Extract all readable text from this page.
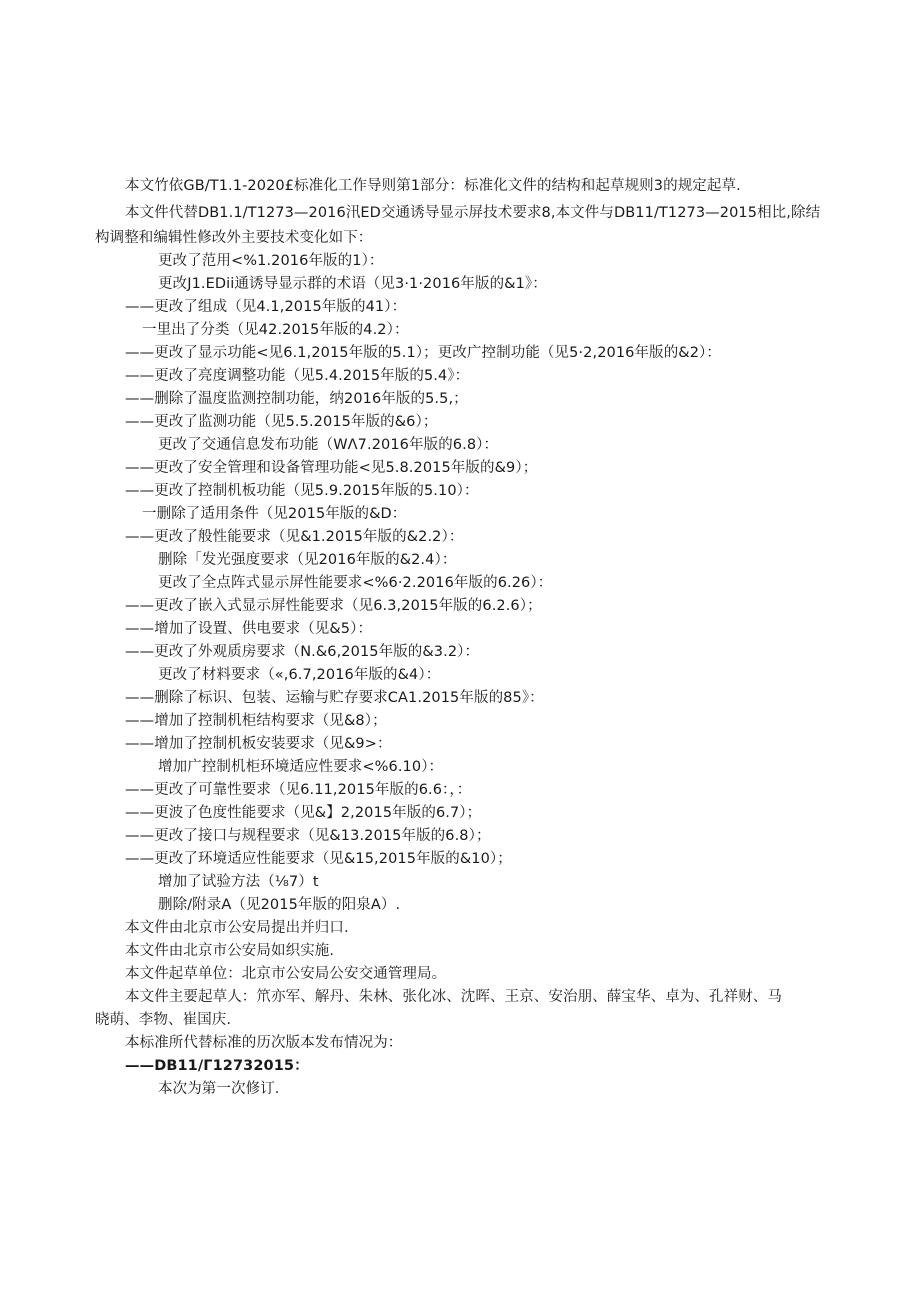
本文竹依GB/T1.1-2020£标准化工作导则第1部分：标准化文件的结构和起草规则3的规定起草.
本文件代替DB1.1/T1273—2016汛ED交通诱导显示屏技术要求8,本文件与DB11/T1273—2015相比,除结
构调整和编辑性修改外主要技术变化如下：
更改了范用<%1.2016年版的1）：
更改J1.EDii通诱导显示群的术语（见3·1·2016年版的&1》：
——更改了组成（见4.1,2015年版的41）：
一里出了分类（见42.2015年版的4.2）：
——更改了显示功能<见6.1,2015年版的5.1）；更改广控制功能（见5·2,2016年版的&2）：
——更改了亮度调整功能（见5.4.2015年版的5.4》：
——删除了温度监测控制功能，纳2016年版的5.5,；
——更改了监测功能（见5.5.2015年版的&6）；
更改了交通信息发布功能（WΛ7.2016年版的6.8）：
——更改了安全管理和设备管理功能<见5.8.2015年版的&9）；
——更改了控制机板功能（见5.9.2015年版的5.10）：
一删除了适用条件（见2015年版的&D：
——更改了般性能要求（见&1.2015年版的&2.2）：
删除「发光强度要求（见2016年版的&2.4）：
更改了全点阵式显示屏性能要求<%6·2.2016年版的6.26）：
——更改了嵌入式显示屏性能要求（见6.3,2015年版的6.2.6）；
——增加了设置、供电要求（见&5）：
——更改了外观质房要求（N.&6,2015年版的&3.2）：
更改了材料要求（«,6.7,2016年版的&4）：
——删除了标识、包装、运输与贮存要求CA1.2015年版的85》：
——增加了控制机柜结构要求（见&8）；
——增加了控制机板安装要求（见&9>：
增加广控制机柜环境适应性要求<%6.10）：
——更改了可靠性要求（见6.11,2015年版的6.6：，：
——更波了色度性能要求（见&】2,2015年版的6.7）；
——更改了接口与规程要求（见&13.2015年版的6.8）；
——更改了环境适应性能要求（见&15,2015年版的&10）；
增加了试验方法（⅛7）t
删除/附录A（见2015年版的阳泉A）.
本文件由北京市公安局提出并归口.
本文件由北京市公安局如织实施.
本文件起草单位：北京市公安局公安交通管理局。
本文件主要起草人：笊亦军、解丹、朱林、张化冰、沈晖、王京、安治朋、薛宝华、卓为、孔祥财、马
晓萌、李物、崔国庆.
本标准所代替标准的历次版本发布情况为：
——DB11/Г12732015：
本次为第一次修订.
